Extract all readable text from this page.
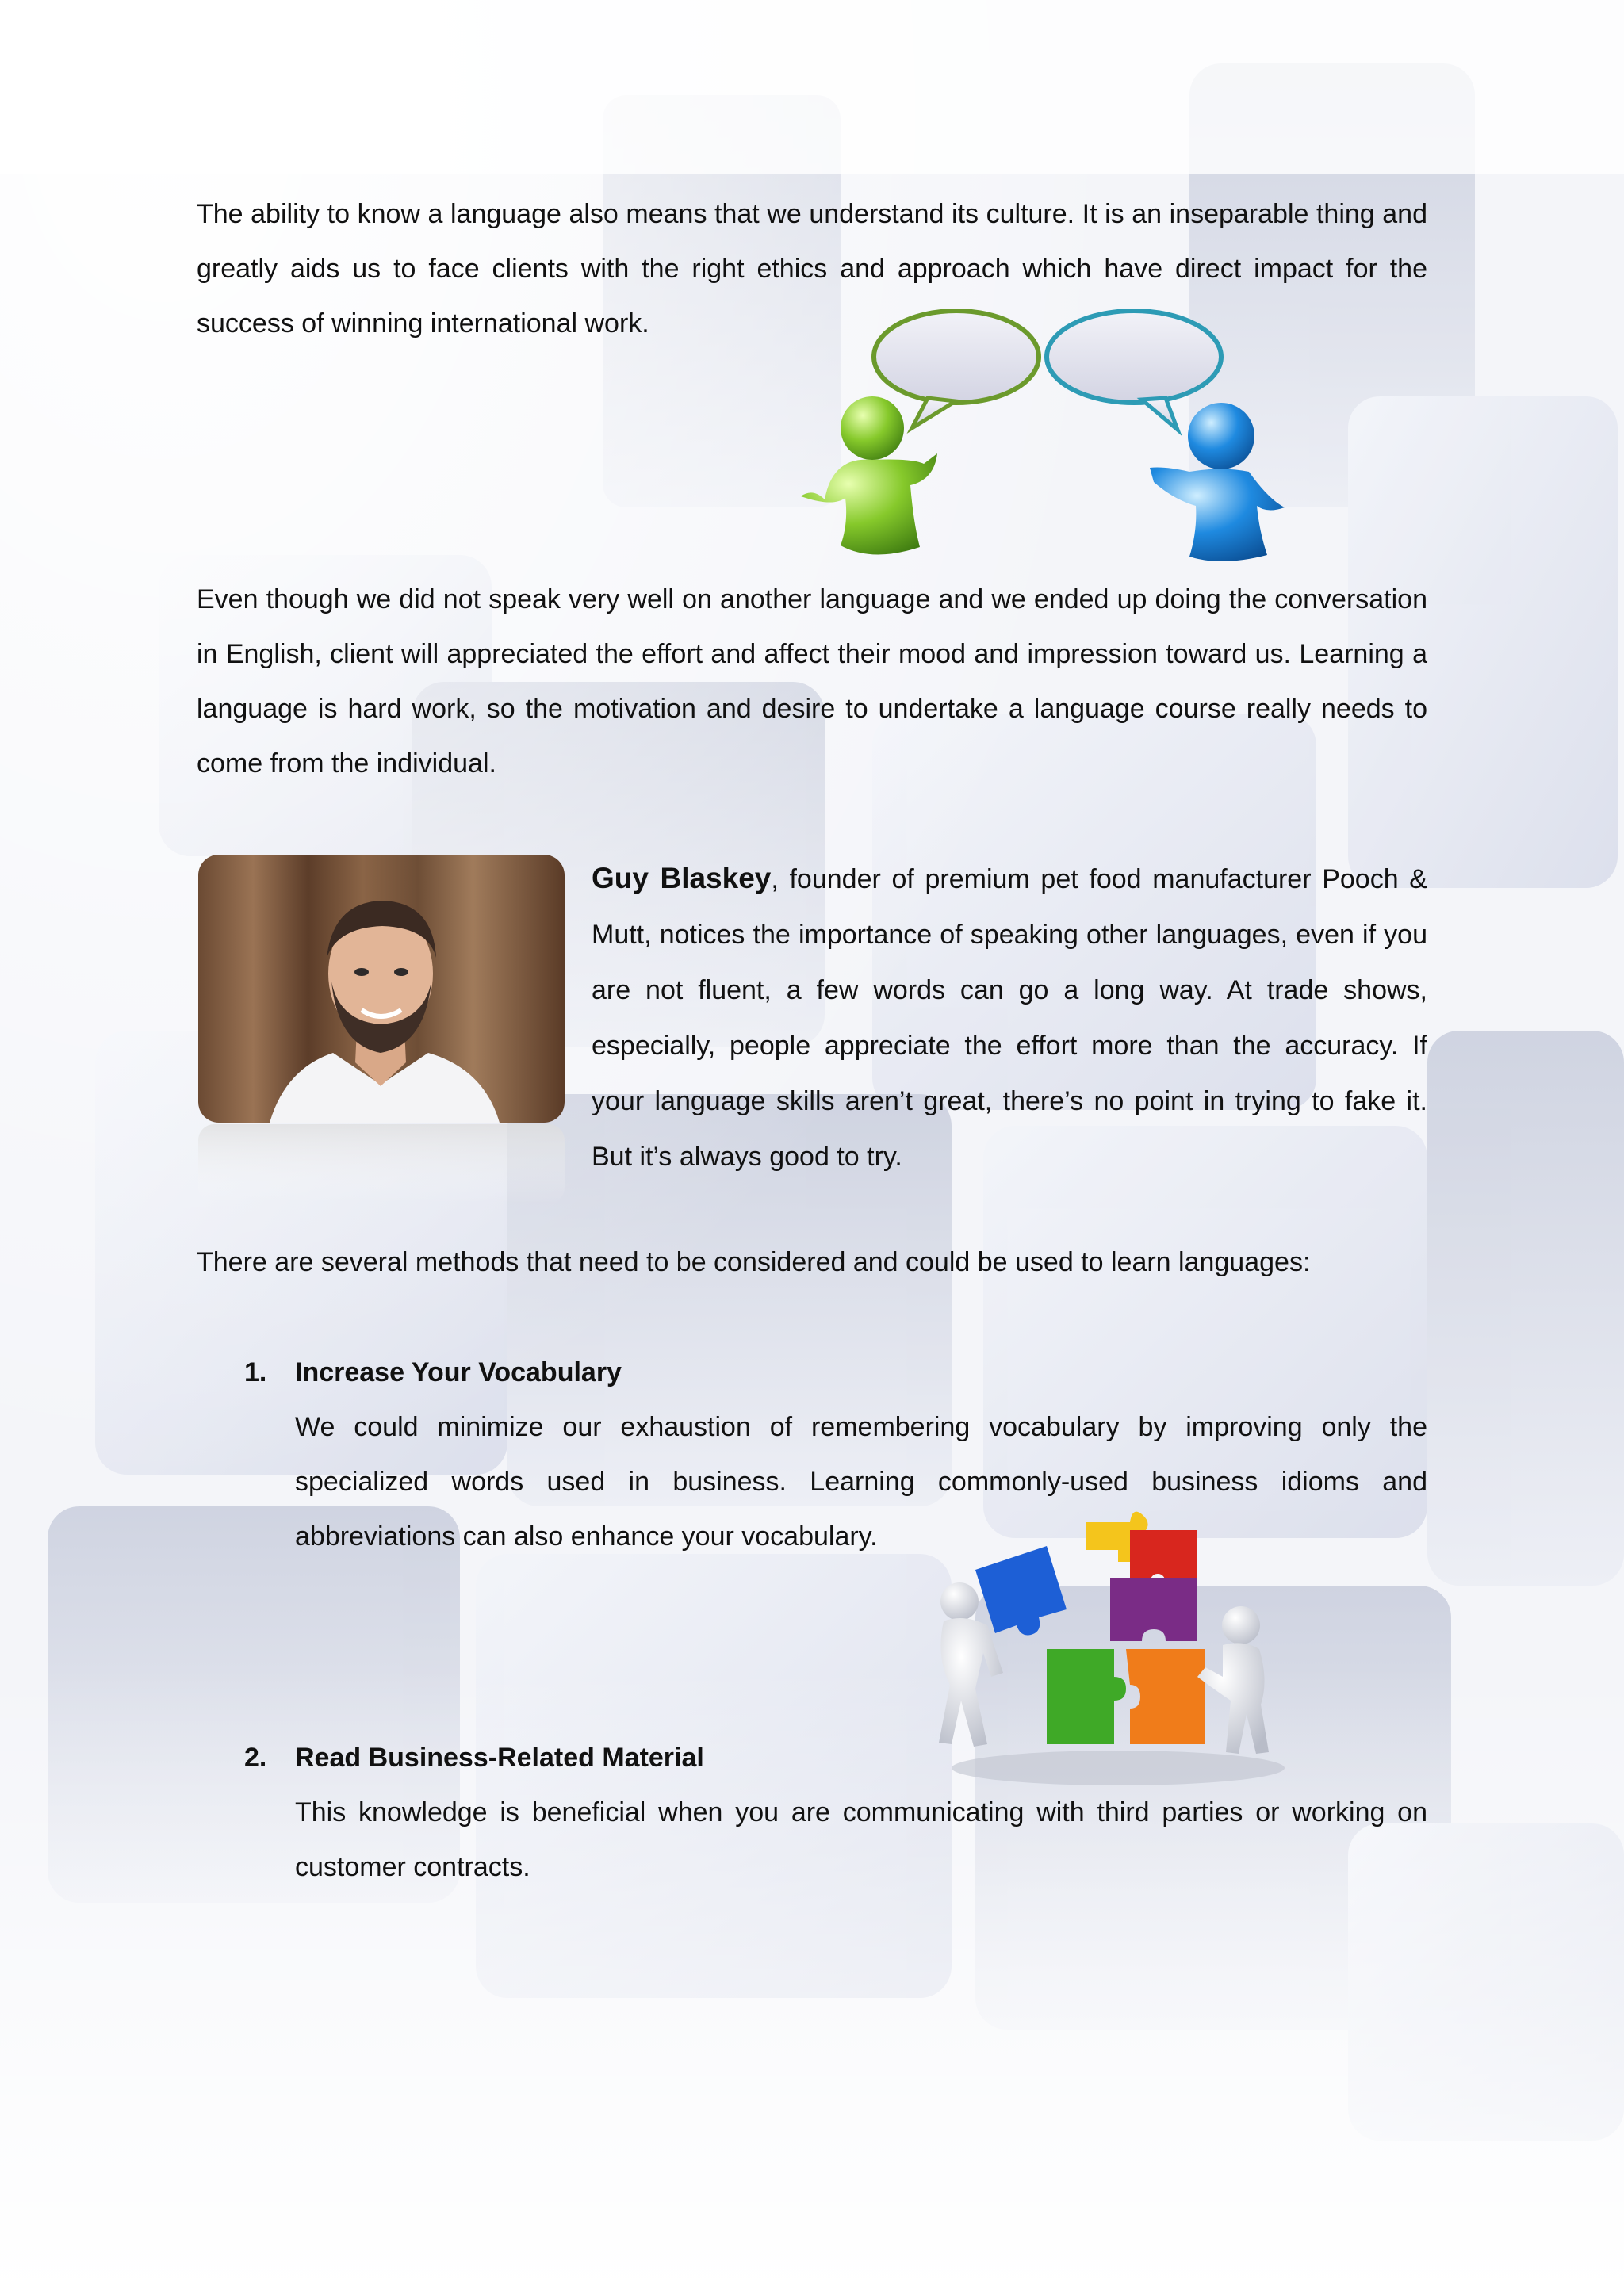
The ability to know a language also means that we understand its culture. It is an inseparable thing and greatly aids us to face clients with the right ethics and approach which have direct impact for the success of winning international work.

Even though we did not speak very well on another language and we ended up doing the conversation in English, client will appreciated the effort and affect their mood and impression toward us. Learning a language is hard work, so the motivation and desire to undertake a language course really needs to come from the individual.

Guy Blaskey, founder of premium pet food manufacturer Pooch & Mutt, notices the importance of speaking other languages, even if you are not fluent, a few words can go a long way. At trade shows, especially, people appreciate the effort more than the accuracy. If your language skills aren’t great, there’s no point in trying to fake it. But it’s always good to try.

There are several methods that need to be considered and could be used to learn languages:

1. Increase Your Vocabulary

We could minimize our exhaustion of remembering vocabulary by improving only the specialized words used in business. Learning commonly-used business idioms and abbreviations can also enhance your vocabulary.

2. Read Business-Related Material

This knowledge is beneficial when you are communicating with third parties or working on customer contracts.
